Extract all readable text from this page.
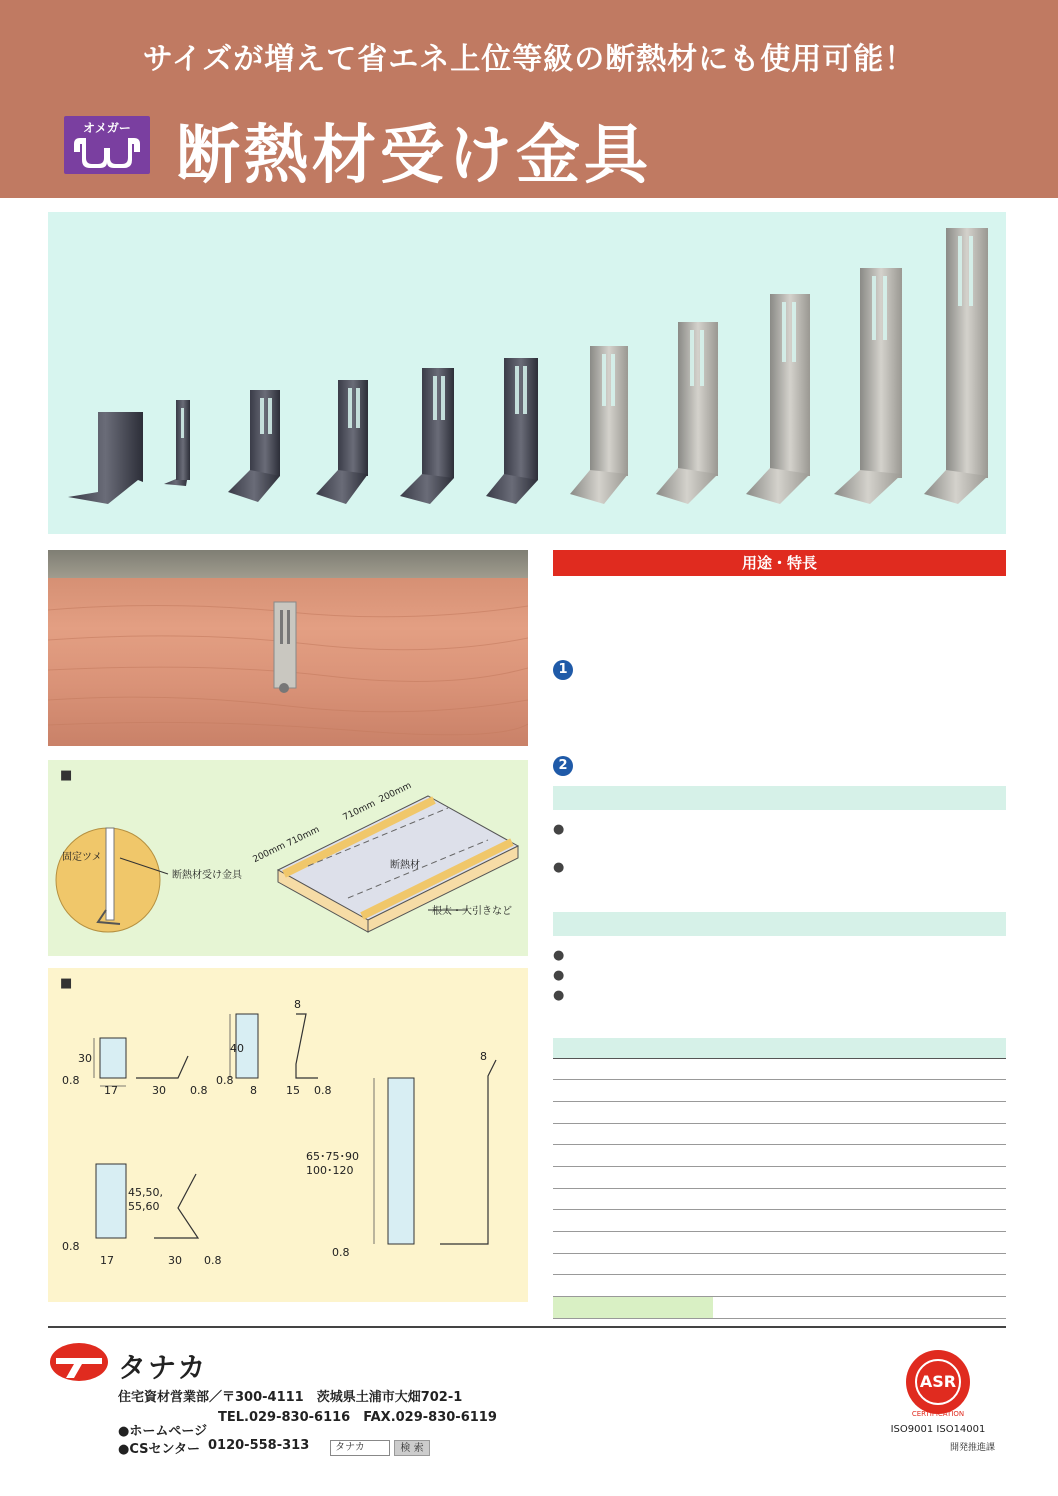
サイズが増えて省エネ上位等級の断熱材にも使用可能！
オメガー 断熱材受け金具
■
固定ツメ
断熱材受け金具
断熱材
根太・大引きなど
200mm
710mm
710mm
200mm
■
30
0.8
17	30 0.8
40
0.8
8
8
15 0.8
45,50,
55,60
0.8
17	30 0.8
65･75･90
100･120
0.8
8
用途・特長
1
2
●
●
●
●
●

タナカ
住宅資材営業部／〒300-4111　茨城県土浦市大畑702-1
TEL.029-830-6116　FAX.029-830-6119
●ホームページ
●CSセンター 0120-558-313	タナカ	検 索
ASR
CERTIFICATION
ISO9001 ISO14001
開発推進課
